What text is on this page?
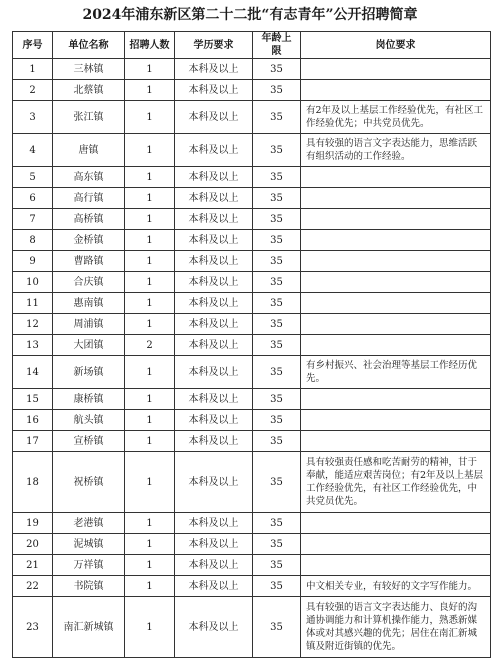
2024年浦东新区第二十二批“有志青年”公开招聘简章
序号	单位名称	招聘人数	学历要求	年龄上限	岗位要求
1	三林镇	1	本科及以上	35	
2	北蔡镇	1	本科及以上	35	
3	张江镇	1	本科及以上	35	有2年及以上基层工作经验优先，有社区工作经验优先；中共党员优先。
4	唐镇	1	本科及以上	35	具有较强的语言文字表达能力，思维活跃有组织活动的工作经验。
5	高东镇	1	本科及以上	35	
6	高行镇	1	本科及以上	35	
7	高桥镇	1	本科及以上	35	
8	金桥镇	1	本科及以上	35	
9	曹路镇	1	本科及以上	35	
10	合庆镇	1	本科及以上	35	
11	惠南镇	1	本科及以上	35	
12	周浦镇	1	本科及以上	35	
13	大团镇	2	本科及以上	35	
14	新场镇	1	本科及以上	35	有乡村振兴、社会治理等基层工作经历优先。
15	康桥镇	1	本科及以上	35	
16	航头镇	1	本科及以上	35	
17	宣桥镇	1	本科及以上	35	
18	祝桥镇	1	本科及以上	35	具有较强责任感和吃苦耐劳的精神，甘于奉献，能适应艰苦岗位；有2年及以上基层工作经验优先，有社区工作经验优先，中共党员优先。
19	老港镇	1	本科及以上	35	
20	泥城镇	1	本科及以上	35	
21	万祥镇	1	本科及以上	35	
22	书院镇	1	本科及以上	35	中文相关专业，有较好的文字写作能力。
23	南汇新城镇	1	本科及以上	35	具有较强的语言文字表达能力、良好的沟通协调能力和计算机操作能力，熟悉新媒体或对其感兴趣的优先；居住在南汇新城镇及附近街镇的优先。
